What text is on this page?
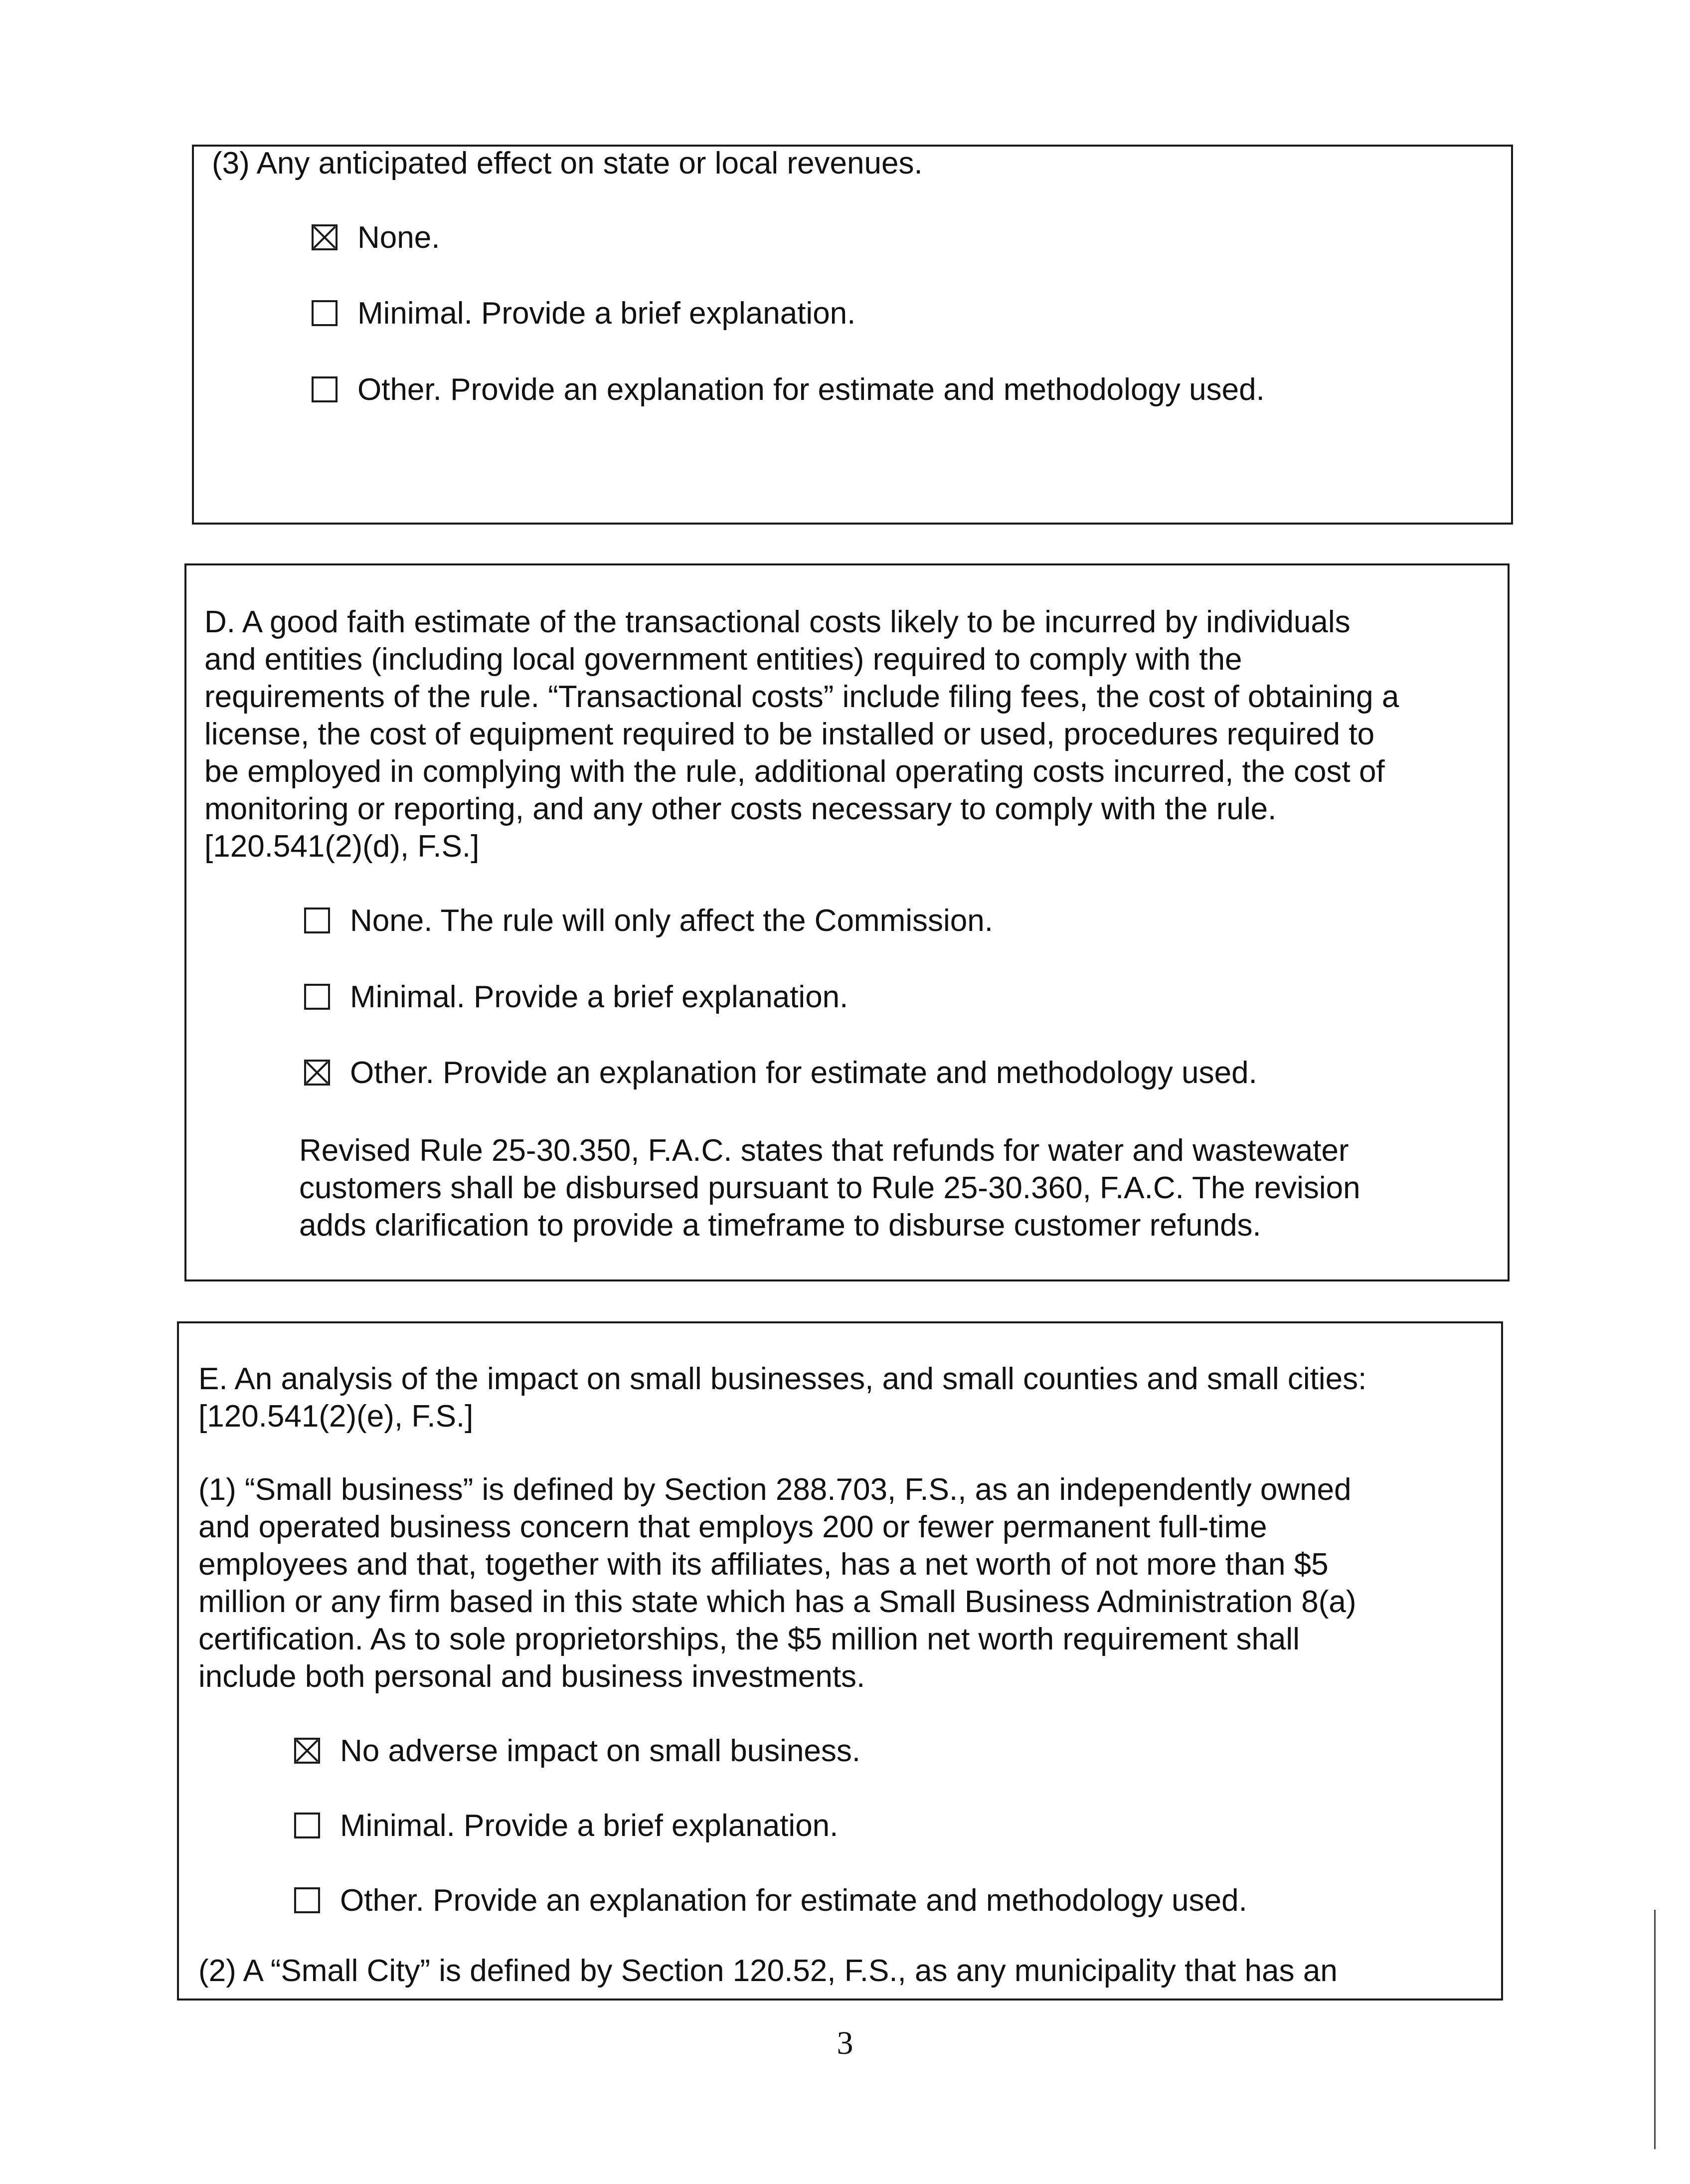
(3) Any anticipated effect on state or local revenues.

None.
Minimal. Provide a brief explanation.
Other. Provide an explanation for estimate and methodology used.
D. A good faith estimate of the transactional costs likely to be incurred by individuals
and entities (including local government entities) required to comply with the
requirements of the rule. “Transactional costs” include filing fees, the cost of obtaining a
license, the cost of equipment required to be installed or used, procedures required to
be employed in complying with the rule, additional operating costs incurred, the cost of
monitoring or reporting, and any other costs necessary to comply with the rule.
[120.541(2)(d), F.S.]
None. The rule will only affect the Commission.
Minimal. Provide a brief explanation.
Other. Provide an explanation for estimate and methodology used.
Revised Rule 25-30.350, F.A.C. states that refunds for water and wastewater
customers shall be disbursed pursuant to Rule 25-30.360, F.A.C. The revision
adds clarification to provide a timeframe to disburse customer refunds.
E. An analysis of the impact on small businesses, and small counties and small cities:
[120.541(2)(e), F.S.]
(1) “Small business” is defined by Section 288.703, F.S., as an independently owned
and operated business concern that employs 200 or fewer permanent full-time
employees and that, together with its affiliates, has a net worth of not more than $5
million or any firm based in this state which has a Small Business Administration 8(a)
certification. As to sole proprietorships, the $5 million net worth requirement shall
include both personal and business investments.
No adverse impact on small business.
Minimal. Provide a brief explanation.
Other. Provide an explanation for estimate and methodology used.

(2) A “Small City” is defined by Section 120.52, F.S., as any municipality that has an

3
